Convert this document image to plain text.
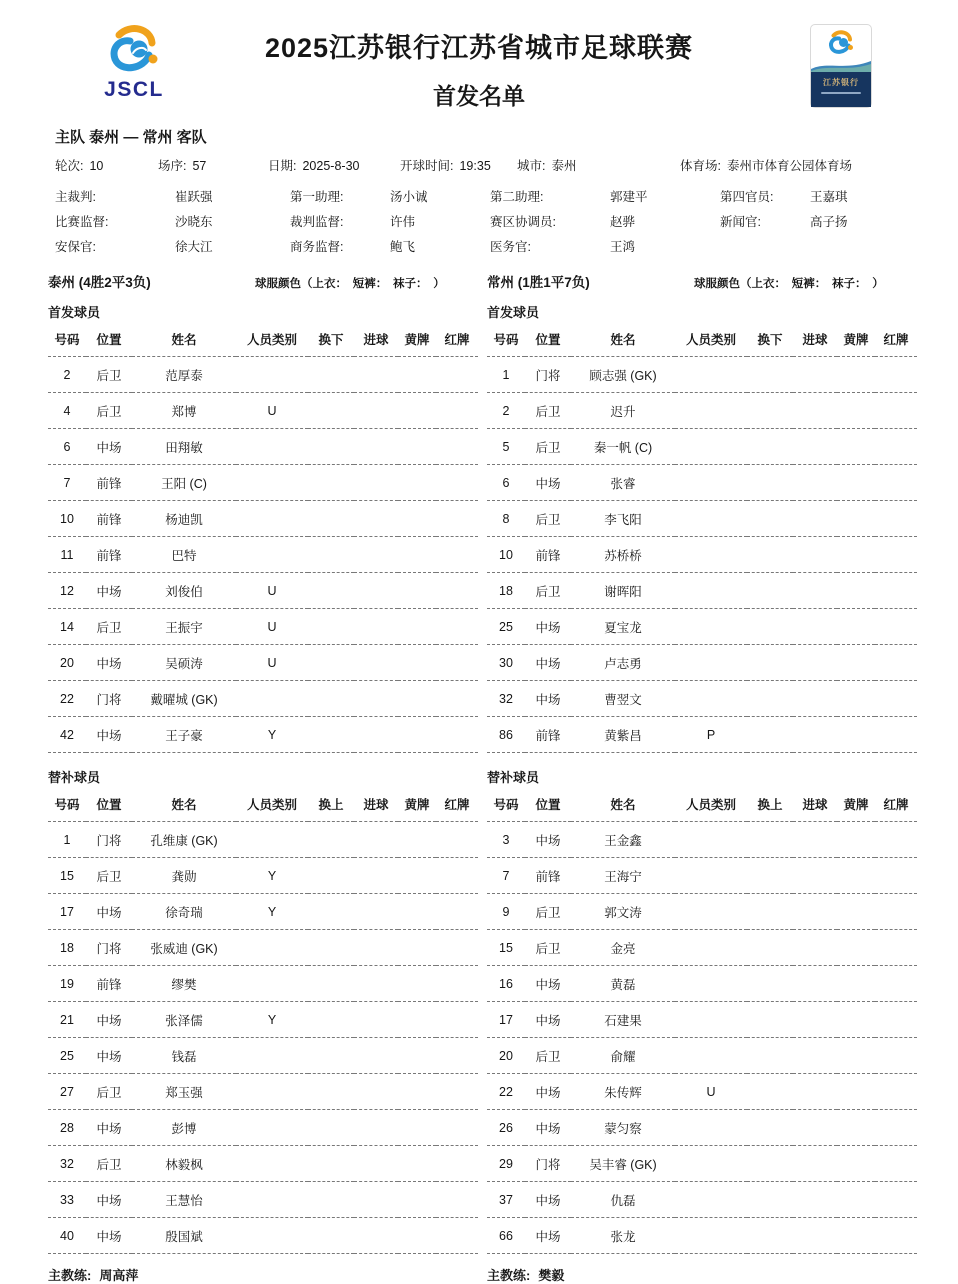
JSCL
2025江苏银行江苏省城市足球联赛
首发名单
江苏银行
主队 泰州 — 常州 客队
轮次: 10	场序: 57	日期: 2025-8-30	开球时间: 19:35	城市: 泰州	体育场: 泰州市体育公园体育场
主裁判:	崔跃强	第一助理:	汤小诚	第二助理:	郭建平	第四官员:	王嘉琪
比赛监督:	沙晓东	裁判监督:	许伟	赛区协调员:	赵骅	新闻官:	高子扬
安保官:	徐大江	商务监督:	鲍飞	医务官:	王鸿
泰州 (4胜2平3负)	球服颜色（上衣：　短裤：　袜子：　）
首发球员
号码	位置	姓名	人员类别	换下	进球	黄牌	红牌
2	后卫	范厚泰					
4	后卫	郑博	U				
6	中场	田翔敏					
7	前锋	王阳 (C)					
10	前锋	杨迪凯					
11	前锋	巴特					
12	中场	刘俊伯	U				
14	后卫	王振宇	U				
20	中场	吴硕涛	U				
22	门将	戴曜城 (GK)					
42	中场	王子豪	Y				
替补球员
号码	位置	姓名	人员类别	换上	进球	黄牌	红牌
1	门将	孔维康 (GK)					
15	后卫	龚勋	Y				
17	中场	徐奇瑞	Y				
18	门将	张威迪 (GK)					
19	前锋	缪樊					
21	中场	张泽儒	Y				
25	中场	钱磊					
27	后卫	郑玉强					
28	中场	彭博					
32	后卫	林毅枫					
33	中场	王慧怡					
40	中场	殷国斌					
主教练: 周高萍
常州 (1胜1平7负)	球服颜色（上衣：　短裤：　袜子：　）
首发球员
号码	位置	姓名	人员类别	换下	进球	黄牌	红牌
1	门将	顾志强 (GK)					
2	后卫	迟升					
5	后卫	秦一帆 (C)					
6	中场	张睿					
8	后卫	李飞阳					
10	前锋	苏桥桥					
18	后卫	谢晖阳					
25	中场	夏宝龙					
30	中场	卢志勇					
32	中场	曹翌文					
86	前锋	黄紫昌	P				
替补球员
号码	位置	姓名	人员类别	换上	进球	黄牌	红牌
3	中场	王金鑫					
7	前锋	王海宁					
9	后卫	郭文涛					
15	后卫	金亮					
16	中场	黄磊					
17	中场	石建果					
20	后卫	俞耀					
22	中场	朱传辉	U				
26	中场	蒙匀察					
29	门将	吴丰睿 (GK)					
37	中场	仇磊					
66	中场	张龙					
主教练: 樊毅
